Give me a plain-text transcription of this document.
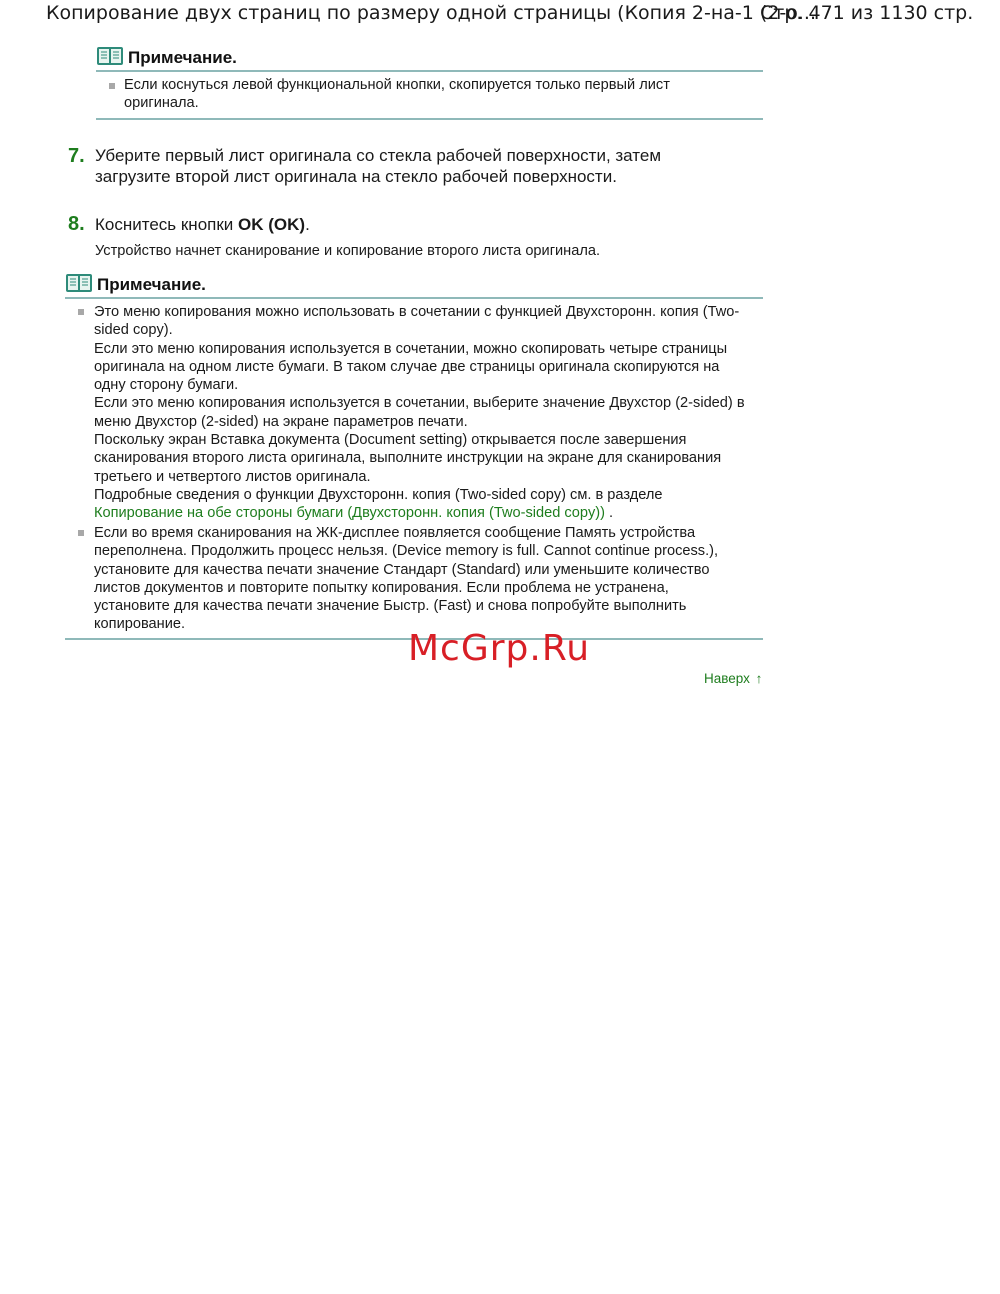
Копирование двух страниц по размеру одной страницы (Копия 2-на-1 (2-о...
Стр. 471 из 1130 стр.
Примечание.
Если коснуться левой функциональной кнопки, скопируется только первый лист оригинала.
7. Уберите первый лист оригинала со стекла рабочей поверхности, затем загрузите второй лист оригинала на стекло рабочей поверхности.
8. Коснитесь кнопки OK (OK).
Устройство начнет сканирование и копирование второго листа оригинала.
Примечание.
Это меню копирования можно использовать в сочетании с функцией Двухсторонн. копия (Two-sided copy).
Если это меню копирования используется в сочетании, можно скопировать четыре страницы оригинала на одном листе бумаги. В таком случае две страницы оригинала скопируются на одну сторону бумаги.
Если это меню копирования используется в сочетании, выберите значение Двухстор (2-sided) в меню Двухстор (2-sided) на экране параметров печати.
Поскольку экран Вставка документа (Document setting) открывается после завершения сканирования второго листа оригинала, выполните инструкции на экране для сканирования третьего и четвертого листов оригинала.
Подробные сведения о функции Двухсторонн. копия (Two-sided copy) см. в разделе
Копирование на обе стороны бумаги (Двухсторонн. копия (Two-sided copy)) .
Если во время сканирования на ЖК-дисплее появляется сообщение Память устройства переполнена. Продолжить процесс нельзя. (Device memory is full. Cannot continue process.), установите для качества печати значение Стандарт (Standard) или уменьшите количество листов документов и повторите попытку копирования. Если проблема не устранена, установите для качества печати значение Быстр. (Fast) и снова попробуйте выполнить копирование.
McGrp.Ru
Наверх ↑
